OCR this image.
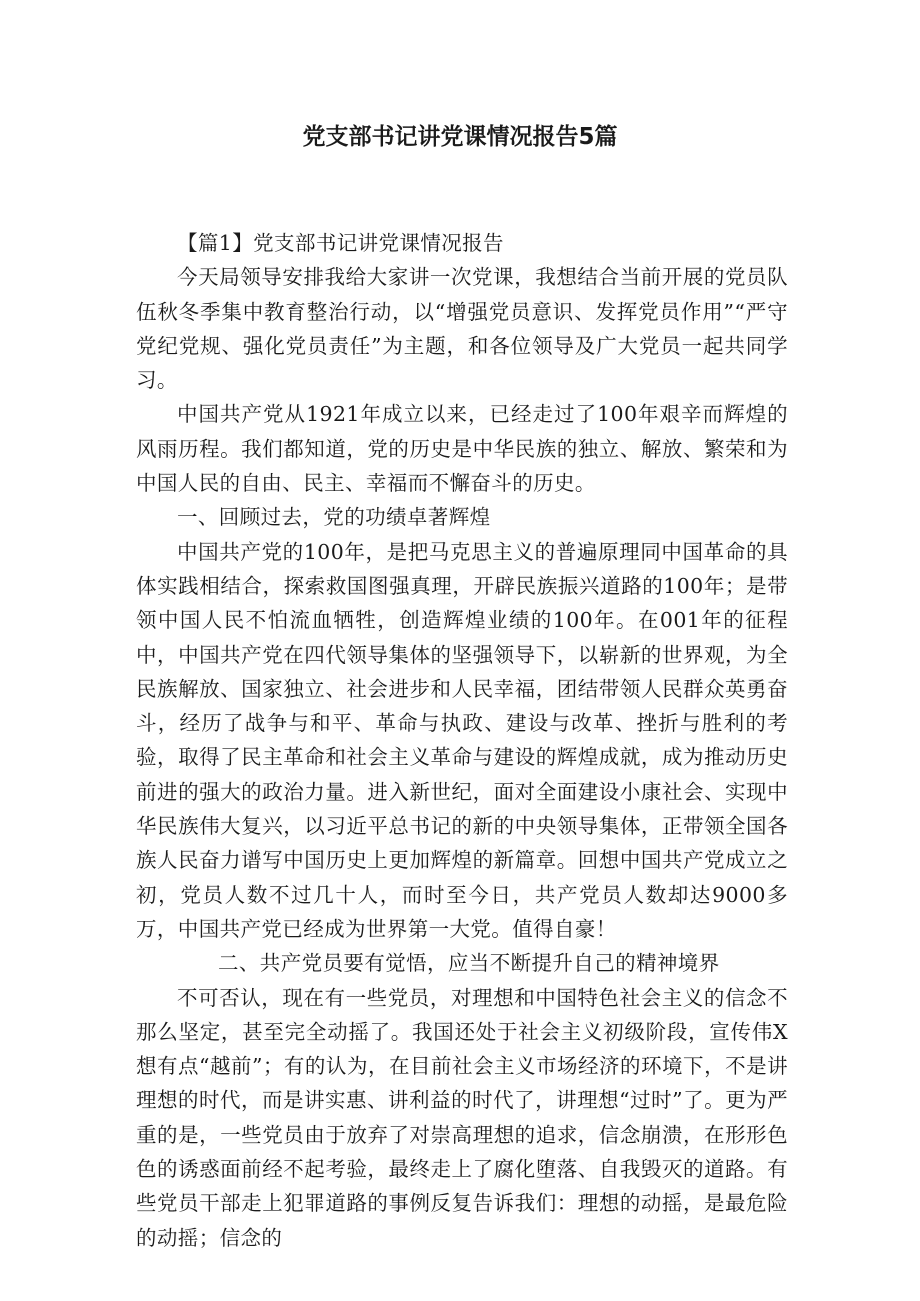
党支部书记讲党课情况报告5篇

【篇1】党支部书记讲党课情况报告

今天局领导安排我给大家讲一次党课，我想结合当前开展的党员队伍秋冬季集中教育整治行动，以“增强党员意识、发挥党员作用”“严守党纪党规、强化党员责任”为主题，和各位领导及广大党员一起共同学习。

中国共产党从1921年成立以来，已经走过了100年艰辛而辉煌的风雨历程。我们都知道，党的历史是中华民族的独立、解放、繁荣和为中国人民的自由、民主、幸福而不懈奋斗的历史。

一、回顾过去，党的功绩卓著辉煌

中国共产党的100年，是把马克思主义的普遍原理同中国革命的具体实践相结合，探索救国图强真理，开辟民族振兴道路的100年；是带领中国人民不怕流血牺牲，创造辉煌业绩的100年。在001年的征程中，中国共产党在四代领导集体的坚强领导下，以崭新的世界观，为全民族解放、国家独立、社会进步和人民幸福，团结带领人民群众英勇奋斗，经历了战争与和平、革命与执政、建设与改革、挫折与胜利的考验，取得了民主革命和社会主义革命与建设的辉煌成就，成为推动历史前进的强大的政治力量。进入新世纪，面对全面建设小康社会、实现中华民族伟大复兴，以习近平总书记的新的中央领导集体，正带领全国各族人民奋力谱写中国历史上更加辉煌的新篇章。回想中国共产党成立之初，党员人数不过几十人，而时至今日，共产党员人数却达9000多万，中国共产党已经成为世界第一大党。值得自豪！

二、共产党员要有觉悟，应当不断提升自己的精神境界

不可否认，现在有一些党员，对理想和中国特色社会主义的信念不那么坚定，甚至完全动摇了。我国还处于社会主义初级阶段，宣传伟X想有点“越前”；有的认为，在目前社会主义市场经济的环境下，不是讲理想的时代，而是讲实惠、讲利益的时代了，讲理想“过时”了。更为严重的是，一些党员由于放弃了对崇高理想的追求，信念崩溃，在形形色色的诱惑面前经不起考验，最终走上了腐化堕落、自我毁灭的道路。有些党员干部走上犯罪道路的事例反复告诉我们：理想的动摇，是最危险的动摇；信念的
